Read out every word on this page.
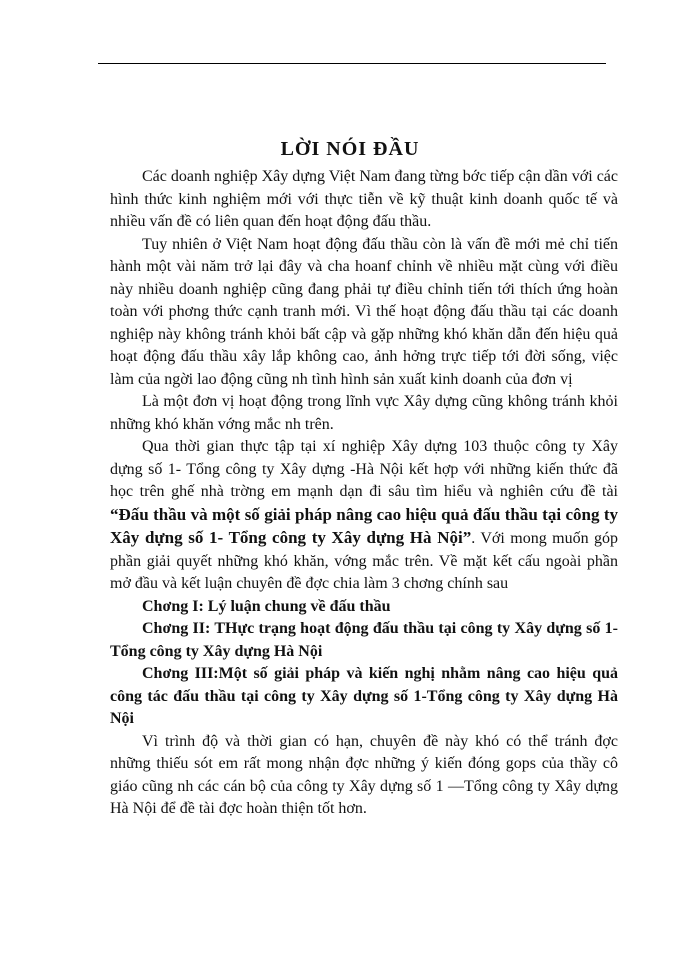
LỜI NÓI ĐẦU

Các doanh nghiệp Xây dựng Việt Nam đang từng bớc tiếp cận dần với các hình thức kinh nghiệm mới với thực tiễn về kỹ thuật kinh doanh quốc tế và nhiều vấn đề có liên quan đến hoạt động đấu thầu.

Tuy nhiên ở Việt Nam hoạt động đấu thầu còn là vấn đề mới mẻ chỉ tiến hành một vài năm trở lại đây và cha hoanf chỉnh về nhiều mặt cùng với điều này nhiều doanh nghiệp cũng đang phải tự điều chỉnh tiến tới thích ứng hoàn toàn với phơng thức cạnh tranh mới. Vì thế hoạt động đấu thầu tại các doanh nghiệp này không tránh khỏi bất cập và gặp những khó khăn dẫn đến hiệu quả hoạt động đấu thầu xây lắp không cao, ảnh hởng trực tiếp tới đời sống, việc làm của ngời lao động cũng nh tình hình sản xuất kinh doanh của đơn vị

Là một đơn vị hoạt động trong lĩnh vực Xây dựng cũng không tránh khỏi những khó khăn vớng mắc nh trên.

Qua thời gian thực tập tại xí nghiệp Xây dựng 103 thuộc công ty Xây dựng số 1- Tổng công ty Xây dựng -Hà Nội kết hợp với những kiến thức đã học trên ghế nhà trờng em mạnh dạn đi sâu tìm hiểu và nghiên cứu đề tài “Đấu thầu và một số giải pháp nâng cao hiệu quả đấu thầu tại công ty Xây dựng số 1- Tổng công ty Xây dựng Hà Nội”. Với mong muốn góp phần giải quyết những khó khăn, vớng mắc trên. Về mặt kết cấu ngoài phần mở đầu và kết luận chuyên đề đợc chia làm 3 chơng chính sau

Chơng I: Lý luận chung về đấu thầu

Chơng II: THực trạng hoạt động đấu thầu tại công ty Xây dựng số 1-Tổng công ty Xây dựng Hà Nội

Chơng III:Một số giải pháp và kiến nghị nhằm nâng cao hiệu quả công tác đấu thầu tại công ty Xây dựng số 1-Tổng công ty Xây dựng Hà Nội

Vì trình độ và thời gian có hạn, chuyên đề này khó có thể tránh đợc những thiếu sót em rất mong nhận đợc những ý kiến đóng gops của thầy cô giáo cũng nh các cán bộ của công ty Xây dựng số 1 —Tổng công ty Xây dựng Hà Nội để đề tài đợc hoàn thiện tốt hơn.
